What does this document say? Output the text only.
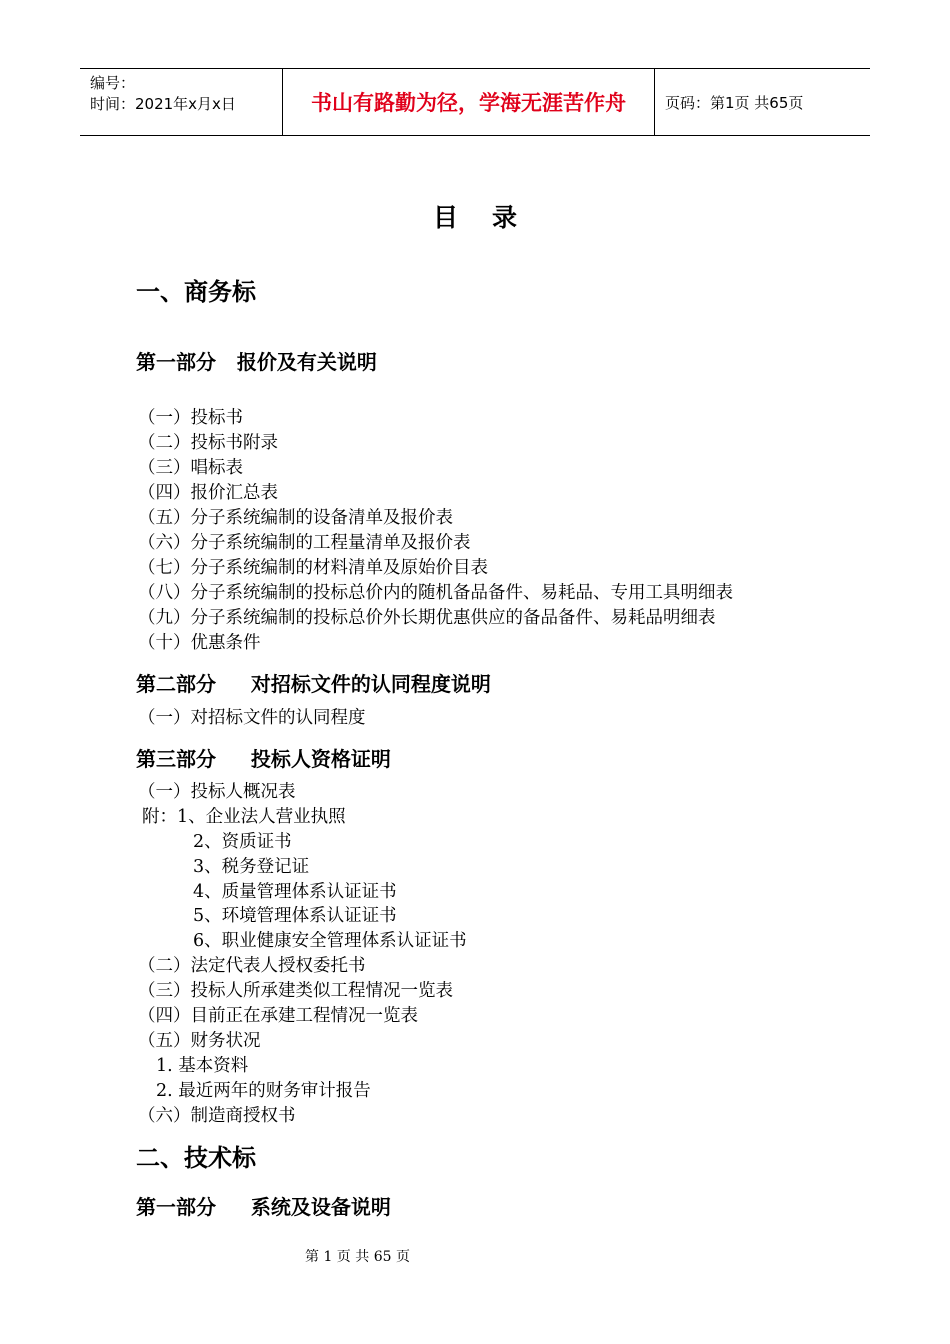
编号：
时间：2021年x月x日	书山有路勤为径，学海无涯苦作舟	页码：第1页 共65页
目录
一、商务标
第一部分   报价及有关说明
（一）投标书
（二）投标书附录
（三）唱标表
（四）报价汇总表
（五）分子系统编制的设备清单及报价表
（六）分子系统编制的工程量清单及报价表
（七）分子系统编制的材料清单及原始价目表
（八）分子系统编制的投标总价内的随机备品备件、易耗品、专用工具明细表
（九）分子系统编制的投标总价外长期优惠供应的备品备件、易耗品明细表
（十）优惠条件
第二部分     对招标文件的认同程度说明
（一）对招标文件的认同程度
第三部分     投标人资格证明
（一）投标人概况表
附：1、企业法人营业执照
2、资质证书
3、税务登记证
4、质量管理体系认证证书
5、环境管理体系认证证书
6、职业健康安全管理体系认证证书
（二）法定代表人授权委托书
（三）投标人所承建类似工程情况一览表
（四）目前正在承建工程情况一览表
（五）财务状况
1. 基本资料
2. 最近两年的财务审计报告
（六）制造商授权书
二、技术标
第一部分     系统及设备说明
第 1 页 共 65 页
